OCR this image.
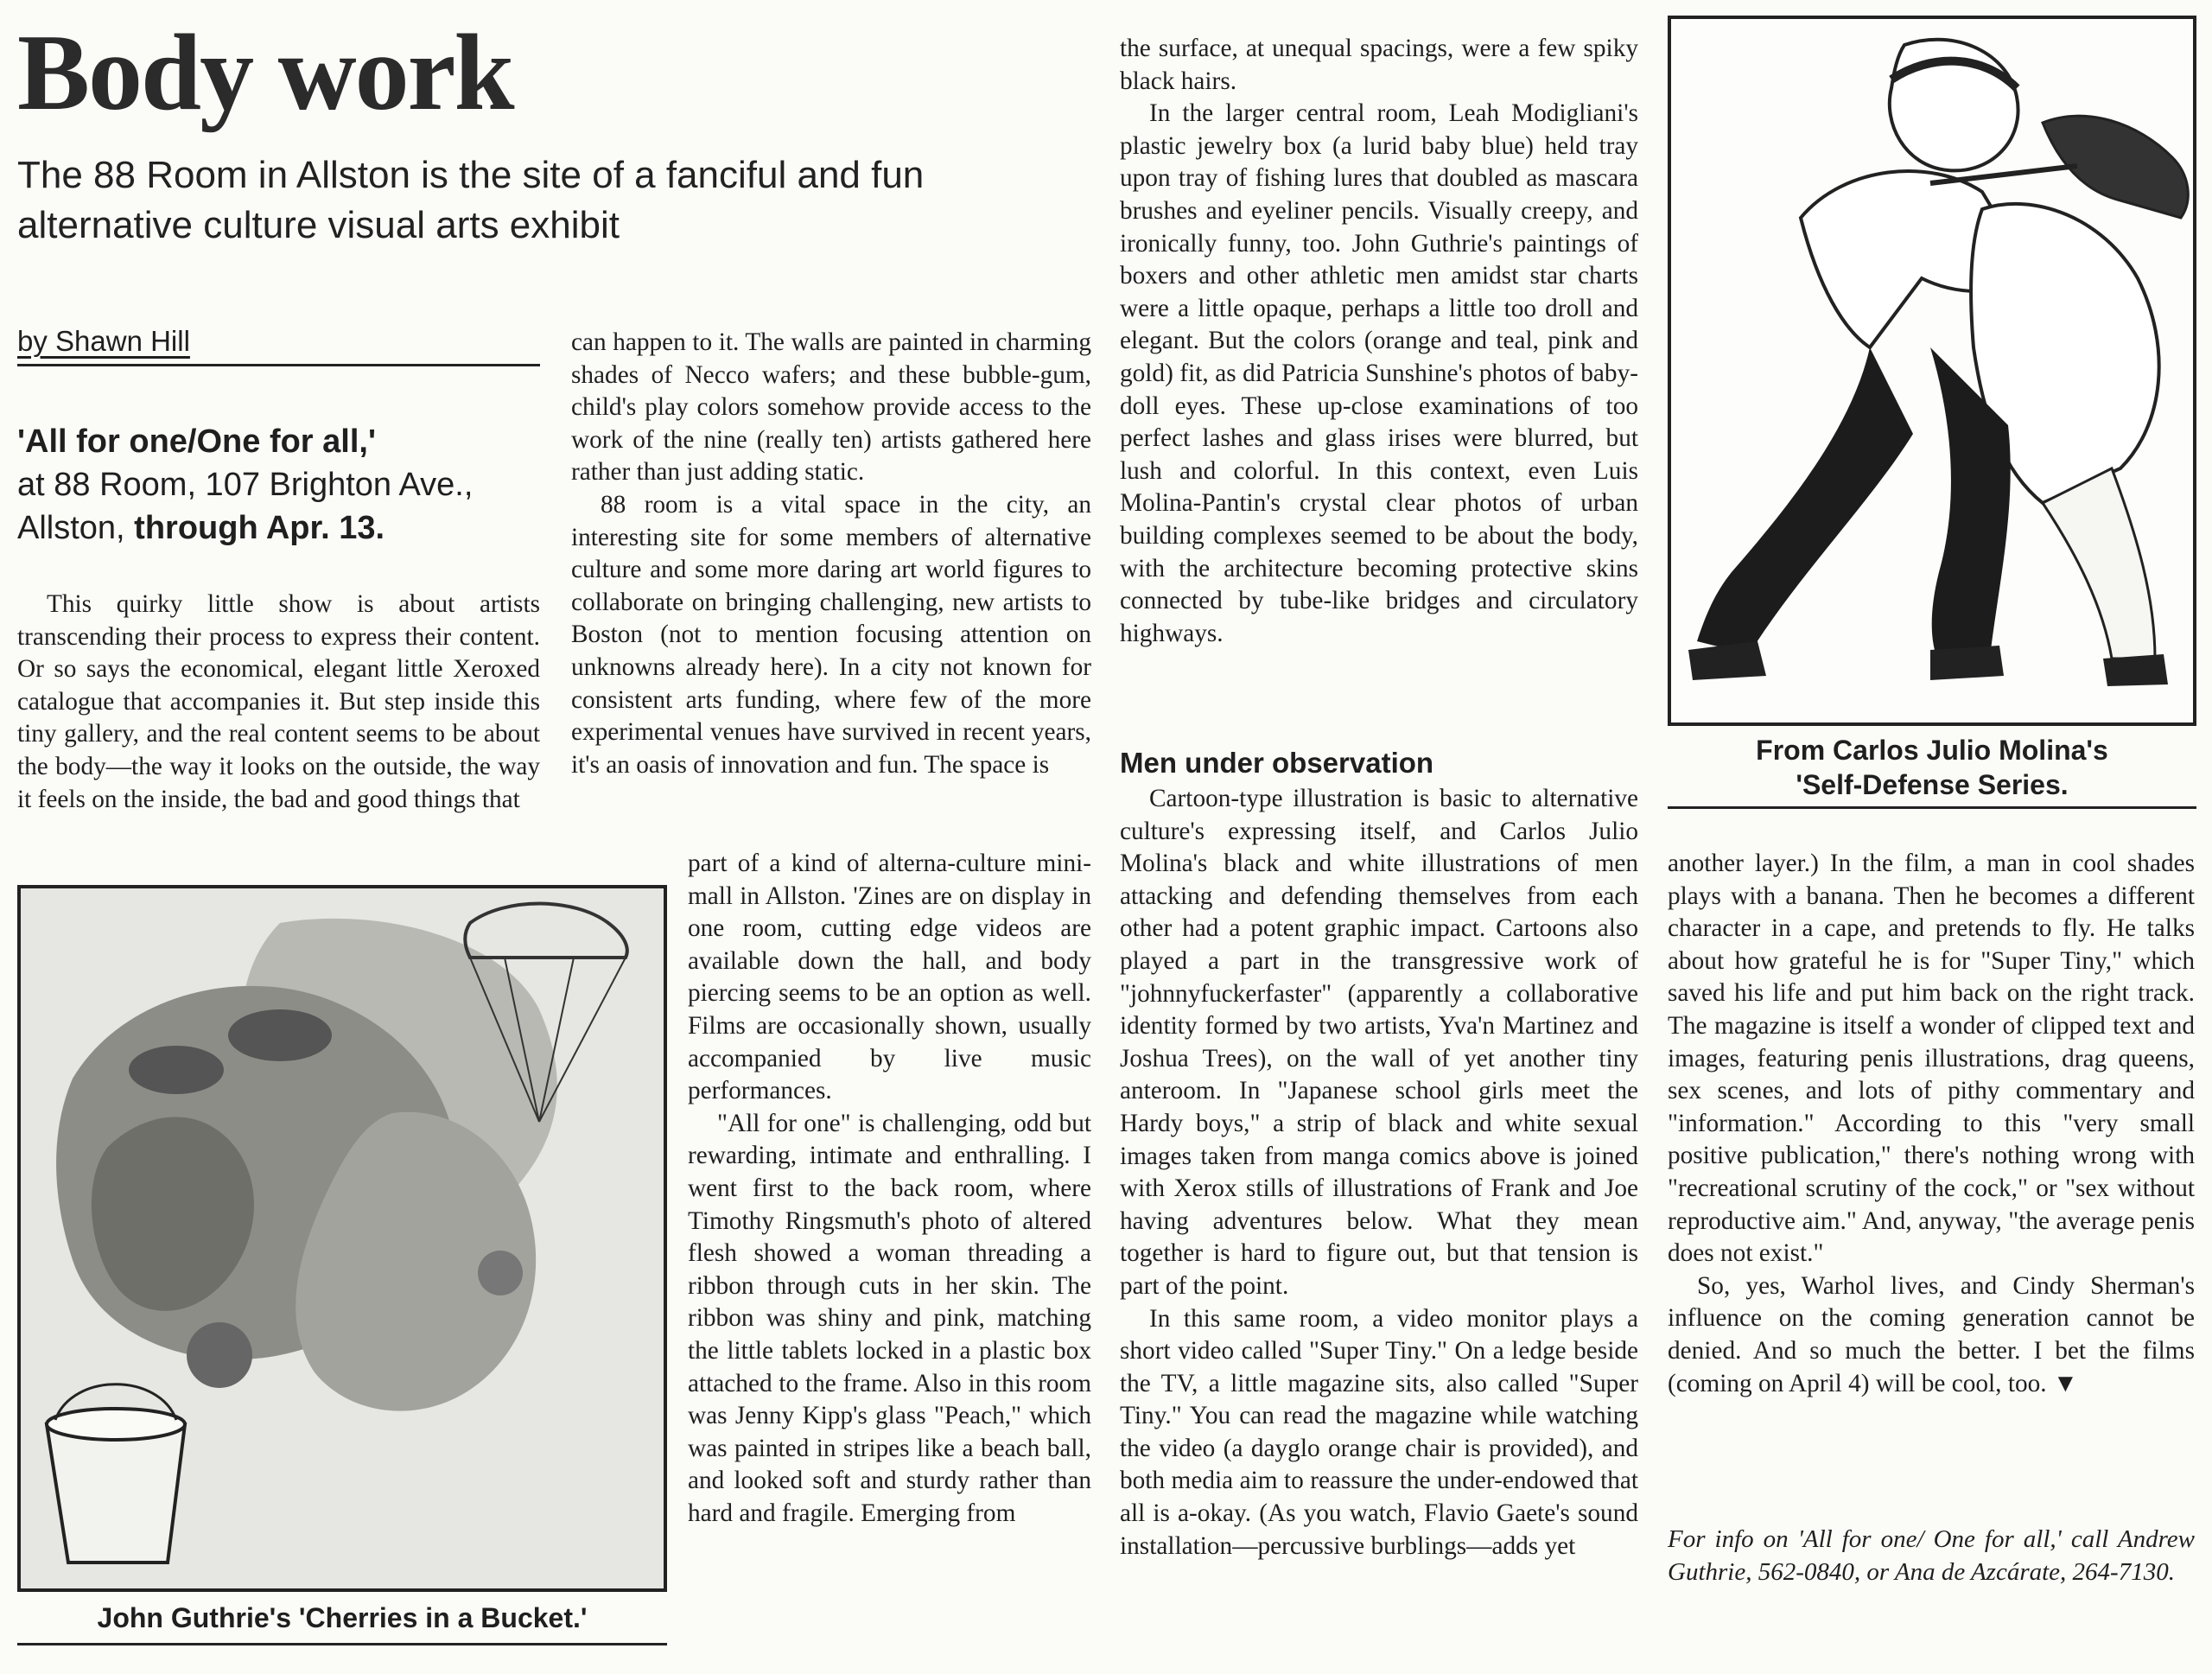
Body work
The 88 Room in Allston is the site of a fanciful and fun alternative culture visual arts exhibit
by Shawn Hill
'All for one/One for all,'
at 88 Room, 107 Brighton Ave.,
Allston, through Apr. 13.

This quirky little show is about artists transcending their process to express their content. Or so says the economical, elegant little Xeroxed catalogue that accompanies it. But step inside this tiny gallery, and the real content seems to be about the body—the way it looks on the outside, the way it feels on the inside, the bad and good things that

John Guthrie's 'Cherries in a Bucket.'

can happen to it. The walls are painted in charming shades of Necco wafers; and these bubble-gum, child's play colors somehow provide access to the work of the nine (really ten) artists gathered here rather than just adding static.

88 room is a vital space in the city, an interesting site for some members of alternative culture and some more daring art world figures to collaborate on bringing challenging, new artists to Boston (not to mention focusing attention on unknowns already here). In a city not known for consistent arts funding, where few of the more experimental venues have survived in recent years, it's an oasis of innovation and fun. The space is

part of a kind of alterna-culture mini-mall in Allston. 'Zines are on display in one room, cutting edge videos are available down the hall, and body piercing seems to be an option as well. Films are occasionally shown, usually accompanied by live music performances.

"All for one" is challenging, odd but rewarding, intimate and enthralling. I went first to the back room, where Timothy Ringsmuth's photo of altered flesh showed a woman threading a ribbon through cuts in her skin. The ribbon was shiny and pink, matching the little tablets locked in a plastic box attached to the frame. Also in this room was Jenny Kipp's glass "Peach," which was painted in stripes like a beach ball, and looked soft and sturdy rather than hard and fragile. Emerging from

the surface, at unequal spacings, were a few spiky black hairs.

In the larger central room, Leah Modigliani's plastic jewelry box (a lurid baby blue) held tray upon tray of fishing lures that doubled as mascara brushes and eyeliner pencils. Visually creepy, and ironically funny, too. John Guthrie's paintings of boxers and other athletic men amidst star charts were a little opaque, perhaps a little too droll and elegant. But the colors (orange and teal, pink and gold) fit, as did Patricia Sunshine's photos of baby-doll eyes. These up-close examinations of too perfect lashes and glass irises were blurred, but lush and colorful. In this context, even Luis Molina-Pantin's crystal clear photos of urban building complexes seemed to be about the body, with the architecture becoming protective skins connected by tube-like bridges and circulatory highways.

Men under observation

Cartoon-type illustration is basic to alternative culture's expressing itself, and Carlos Julio Molina's black and white illustrations of men attacking and defending themselves from each other had a potent graphic impact. Cartoons also played a part in the transgressive work of "johnnyfuckerfaster" (apparently a collaborative identity formed by two artists, Yva'n Martinez and Joshua Trees), on the wall of yet another tiny anteroom. In "Japanese school girls meet the Hardy boys," a strip of black and white sexual images taken from manga comics above is joined with Xerox stills of illustrations of Frank and Joe having adventures below. What they mean together is hard to figure out, but that tension is part of the point.

In this same room, a video monitor plays a short video called "Super Tiny." On a ledge beside the TV, a little magazine sits, also called "Super Tiny." You can read the magazine while watching the video (a dayglo orange chair is provided), and both media aim to reassure the under-endowed that all is a-okay. (As you watch, Flavio Gaete's sound installation—percussive burblings—adds yet

From Carlos Julio Molina's
'Self-Defense Series.

another layer.) In the film, a man in cool shades plays with a banana. Then he becomes a different character in a cape, and pretends to fly. He talks about how grateful he is for "Super Tiny," which saved his life and put him back on the right track. The magazine is itself a wonder of clipped text and images, featuring penis illustrations, drag queens, sex scenes, and lots of pithy commentary and "information." According to this "very small positive publication," there's nothing wrong with "recreational scrutiny of the cock," or "sex without reproductive aim." And, anyway, "the average penis does not exist."

So, yes, Warhol lives, and Cindy Sherman's influence on the coming generation cannot be denied. And so much the better. I bet the films (coming on April 4) will be cool, too. ▼

For info on 'All for one/ One for all,' call Andrew Guthrie, 562-0840, or Ana de Azcárate, 264-7130.
